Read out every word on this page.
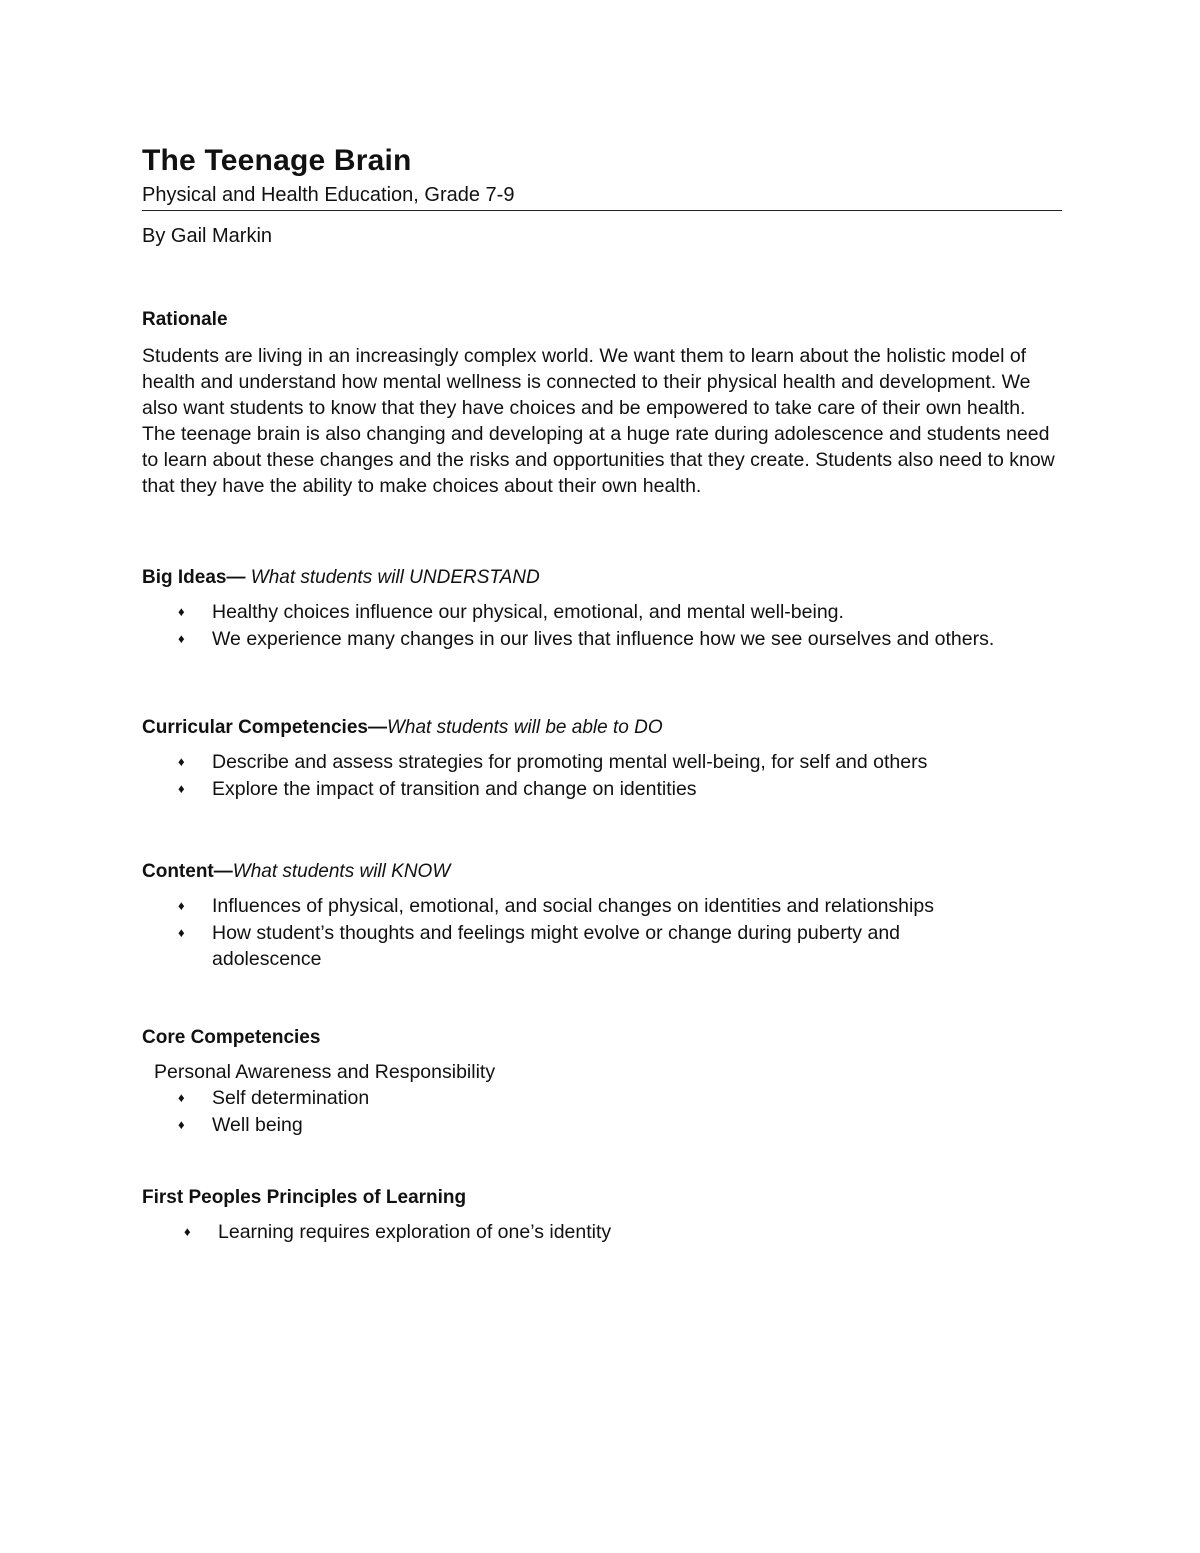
The Teenage Brain

Physical and Health Education, Grade 7-9

By Gail Markin

Rationale

Students are living in an increasingly complex world. We want them to learn about the holistic model of health and understand how mental wellness is connected to their physical health and development. We also want students to know that they have choices and be empowered to take care of their own health. The teenage brain is also changing and developing at a huge rate during adolescence and students need to learn about these changes and the risks and opportunities that they create. Students also need to know that they have the ability to make choices about their own health.

Big Ideas— What students will UNDERSTAND
♦ Healthy choices influence our physical, emotional, and mental well-being.
♦ We experience many changes in our lives that influence how we see ourselves and others.
Curricular Competencies—What students will be able to DO
♦ Describe and assess strategies for promoting mental well-being, for self and others
♦ Explore the impact of transition and change on identities
Content—What students will KNOW
♦ Influences of physical, emotional, and social changes on identities and relationships
♦ How student’s thoughts and feelings might evolve or change during puberty and adolescence
Core Competencies

Personal Awareness and Responsibility

♦ Self determination
♦ Well being
First Peoples Principles of Learning
♦ Learning requires exploration of one’s identity
